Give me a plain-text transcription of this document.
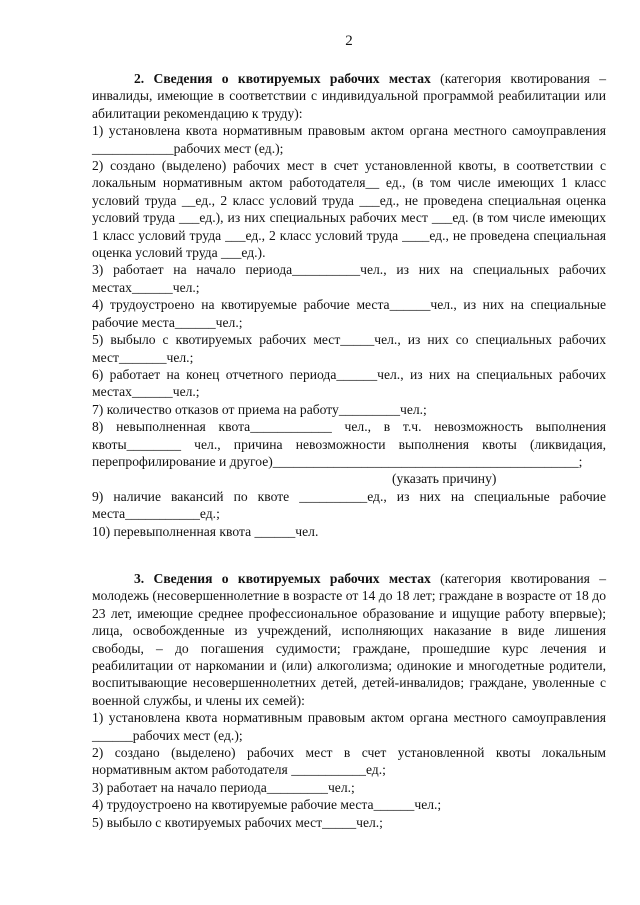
2

2. Сведения о квотируемых рабочих местах (категория квотирования – инвалиды, имеющие в соответствии с индивидуальной программой реабилитации или абилитации рекомендацию к труду):

1) установлена квота нормативным правовым актом органа местного самоуправления ____________рабочих мест (ед.);

2) создано (выделено) рабочих мест в счет установленной квоты, в соответствии с локальным нормативным актом работодателя__ ед., (в том числе имеющих 1 класс условий труда __ед., 2 класс условий труда ___ед., не проведена специальная оценка условий труда ___ед.), из них специальных рабочих мест ___ед. (в том числе имеющих 1 класс условий труда ___ед., 2 класс условий труда ____ед., не проведена специальная оценка условий труда ___ед.).

3) работает на начало периода__________чел., из них на специальных рабочих местах______чел.;

4) трудоустроено на квотируемые рабочие места______чел., из них на специальные рабочие места______чел.;

5) выбыло с квотируемых рабочих мест_____чел., из них со специальных рабочих мест_______чел.;

6) работает на конец отчетного периода______чел., из них на специальных рабочих местах______чел.;

7) количество отказов от приема на работу_________чел.;

8) невыполненная квота____________ чел., в т.ч. невозможность выполнения квоты________ чел., причина невозможности выполнения квоты (ликвидация, перепрофилирование и другое)_____________________________________________;

(указать причину)

9) наличие вакансий по квоте __________ед., из них на специальные рабочие места___________ед.;

10) перевыполненная квота ______чел.

3. Сведения о квотируемых рабочих местах (категория квотирования – молодежь (несовершеннолетние в возрасте от 14 до 18 лет; граждане в возрасте от 18 до 23 лет, имеющие среднее профессиональное образование и ищущие работу впервые); лица, освобожденные из учреждений, исполняющих наказание в виде лишения свободы, – до погашения судимости; граждане, прошедшие курс лечения и реабилитации от наркомании и (или) алкоголизма; одинокие и многодетные родители, воспитывающие несовершеннолетних детей, детей-инвалидов; граждане, уволенные с военной службы, и члены их семей):

1) установлена квота нормативным правовым актом органа местного самоуправления ______рабочих мест (ед.);

2) создано (выделено) рабочих мест в счет установленной квоты локальным нормативным актом работодателя ___________ед.;

3) работает на начало периода_________чел.;

4) трудоустроено на квотируемые рабочие места______чел.;

5) выбыло с квотируемых рабочих мест_____чел.;
